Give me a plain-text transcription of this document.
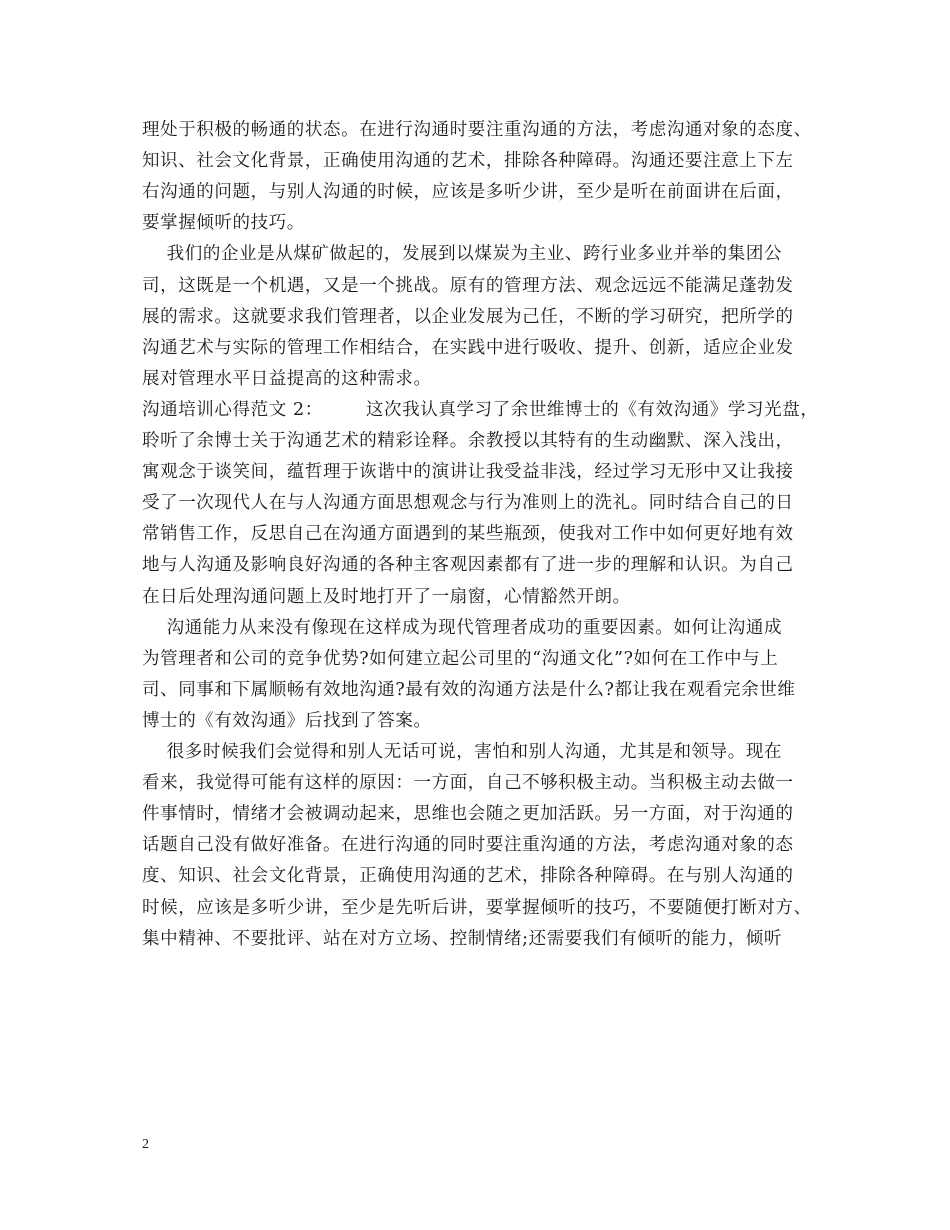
理处于积极的畅通的状态。在进行沟通时要注重沟通的方法，考虑沟通对象的态度、
知识、社会文化背景，正确使用沟通的艺术，排除各种障碍。沟通还要注意上下左
右沟通的问题，与别人沟通的时候，应该是多听少讲，至少是听在前面讲在后面，
要掌握倾听的技巧。
我们的企业是从煤矿做起的，发展到以煤炭为主业、跨行业多业并举的集团公
司，这既是一个机遇，又是一个挑战。原有的管理方法、观念远远不能满足蓬勃发
展的需求。这就要求我们管理者，以企业发展为己任，不断的学习研究，把所学的
沟通艺术与实际的管理工作相结合，在实践中进行吸收、提升、创新，适应企业发
展对管理水平日益提高的这种需求。
沟通培训心得范文 2：       这次我认真学习了余世维博士的《有效沟通》学习光盘，
聆听了余博士关于沟通艺术的精彩诠释。余教授以其特有的生动幽默、深入浅出，
寓观念于谈笑间，蕴哲理于诙谐中的演讲让我受益非浅，经过学习无形中又让我接
受了一次现代人在与人沟通方面思想观念与行为准则上的洗礼。同时结合自己的日
常销售工作，反思自己在沟通方面遇到的某些瓶颈，使我对工作中如何更好地有效
地与人沟通及影响良好沟通的各种主客观因素都有了进一步的理解和认识。为自己
在日后处理沟通问题上及时地打开了一扇窗，心情豁然开朗。
沟通能力从来没有像现在这样成为现代管理者成功的重要因素。如何让沟通成
为管理者和公司的竞争优势?如何建立起公司里的“沟通文化”?如何在工作中与上
司、同事和下属顺畅有效地沟通?最有效的沟通方法是什么?都让我在观看完余世维
博士的《有效沟通》后找到了答案。
很多时候我们会觉得和别人无话可说，害怕和别人沟通，尤其是和领导。现在
看来，我觉得可能有这样的原因：一方面，自己不够积极主动。当积极主动去做一
件事情时，情绪才会被调动起来，思维也会随之更加活跃。另一方面，对于沟通的
话题自己没有做好准备。在进行沟通的同时要注重沟通的方法，考虑沟通对象的态
度、知识、社会文化背景，正确使用沟通的艺术，排除各种障碍。在与别人沟通的
时候，应该是多听少讲，至少是先听后讲，要掌握倾听的技巧，不要随便打断对方、
集中精神、不要批评、站在对方立场、控制情绪;还需要我们有倾听的能力，倾听
2
